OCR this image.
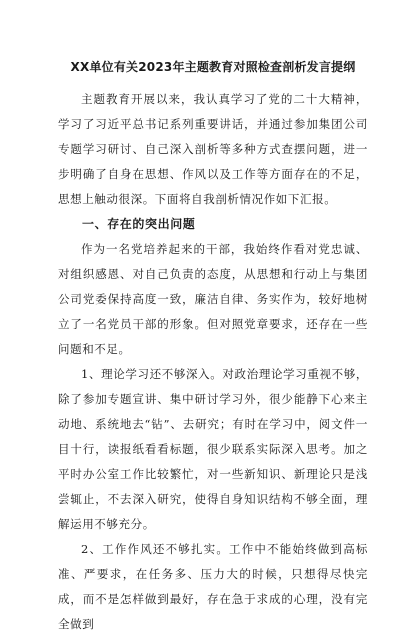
XX单位有关2023年主题教育对照检查剖析发言提纲

主题教育开展以来，我认真学习了党的二十大精神，学习了习近平总书记系列重要讲话，并通过参加集团公司专题学习研讨、自己深入剖析等多种方式查摆问题，进一步明确了自身在思想、作风以及工作等方面存在的不足，思想上触动很深。下面将自我剖析情况作如下汇报。

一、存在的突出问题

作为一名党培养起来的干部，我始终作看对党忠诚、对组织感恩、对自己负责的态度，从思想和行动上与集团公司党委保持高度一致，廉洁自律、务实作为，较好地树立了一名党员干部的形象。但对照党章要求，还存在一些问题和不足。

1、理论学习还不够深入。对政治理论学习重视不够，除了参加专题宣讲、集中研讨学习外，很少能静下心来主动地、系统地去“钻”、去研究；有时在学习中，阅文件一目十行，读报纸看看标题，很少联系实际深入思考。加之平时办公室工作比较繁忙，对一些新知识、新理论只是浅尝辄止，不去深入研究，使得自身知识结构不够全面，理解运用不够充分。

2、工作作风还不够扎实。工作中不能始终做到高标准、严要求，在任务多、压力大的时候，只想得尽快完成，而不是怎样做到最好，存在急于求成的心理，没有完全做到
